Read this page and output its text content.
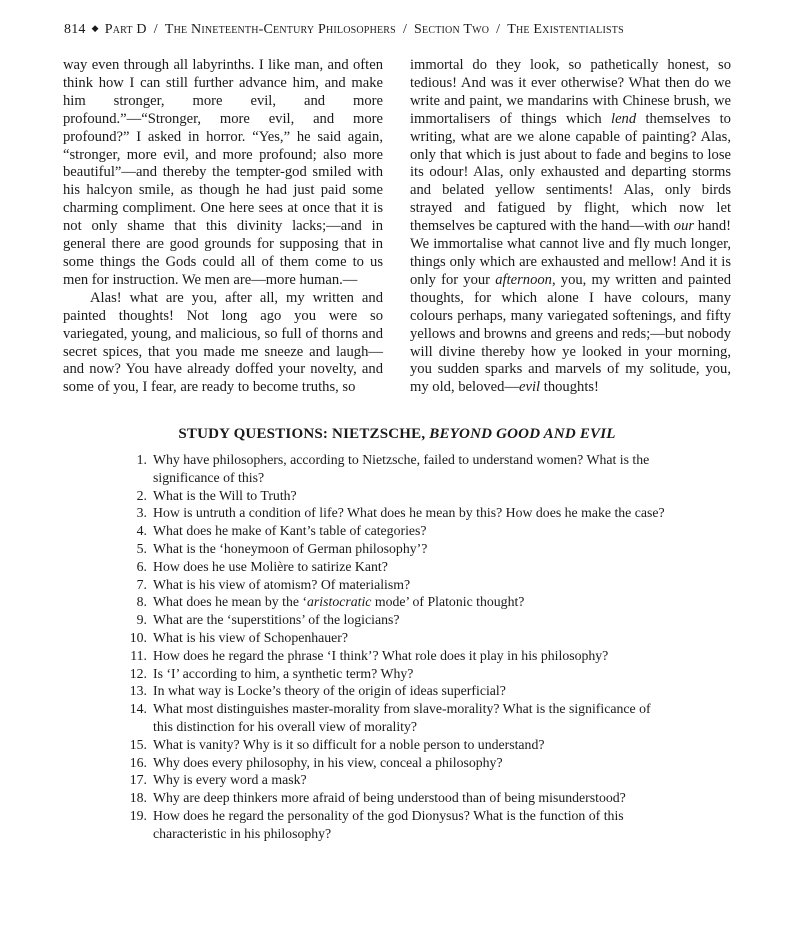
814 ◆ Part D / The Nineteenth-Century Philosophers / Section Two / The Existentialists

way even through all labyrinths. I like man, and often think how I can still further advance him, and make him stronger, more evil, and more profound.”—“Stronger, more evil, and more profound?” I asked in horror. “Yes,” he said again, “stronger, more evil, and more profound; also more beautiful”—and thereby the tempter-god smiled with his halcyon smile, as though he had just paid some charming compliment. One here sees at once that it is not only shame that this divinity lacks;—and in general there are good grounds for supposing that in some things the Gods could all of them come to us men for instruction. We men are—more human.—

Alas! what are you, after all, my written and painted thoughts! Not long ago you were so variegated, young, and malicious, so full of thorns and secret spices, that you made me sneeze and laugh—and now? You have already doffed your novelty, and some of you, I fear, are ready to become truths, so

immortal do they look, so pathetically honest, so tedious! And was it ever otherwise? What then do we write and paint, we mandarins with Chinese brush, we immortalisers of things which lend themselves to writing, what are we alone capable of painting? Alas, only that which is just about to fade and begins to lose its odour! Alas, only exhausted and departing storms and belated yellow sentiments! Alas, only birds strayed and fatigued by flight, which now let themselves be captured with the hand—with our hand! We immortalise what cannot live and fly much longer, things only which are exhausted and mellow! And it is only for your afternoon, you, my written and painted thoughts, for which alone I have colours, many colours perhaps, many variegated softenings, and fifty yellows and browns and greens and reds;—but nobody will divine thereby how ye looked in your morning, you sudden sparks and marvels of my solitude, you, my old, beloved—evil thoughts!

STUDY QUESTIONS: NIETZSCHE, BEYOND GOOD AND EVIL
1. Why have philosophers, according to Nietzsche, failed to understand women? What is the significance of this?
2. What is the Will to Truth?
3. How is untruth a condition of life? What does he mean by this? How does he make the case?
4. What does he make of Kant’s table of categories?
5. What is the ‘honeymoon of German philosophy’?
6. How does he use Molière to satirize Kant?
7. What is his view of atomism? Of materialism?
8. What does he mean by the ‘aristocratic mode’ of Platonic thought?
9. What are the ‘superstitions’ of the logicians?
10. What is his view of Schopenhauer?
11. How does he regard the phrase ‘I think’? What role does it play in his philosophy?
12. Is ‘I’ according to him, a synthetic term? Why?
13. In what way is Locke’s theory of the origin of ideas superficial?
14. What most distinguishes master-morality from slave-morality? What is the significance of this distinction for his overall view of morality?
15. What is vanity? Why is it so difficult for a noble person to understand?
16. Why does every philosophy, in his view, conceal a philosophy?
17. Why is every word a mask?
18. Why are deep thinkers more afraid of being understood than of being misunderstood?
19. How does he regard the personality of the god Dionysus? What is the function of this characteristic in his philosophy?
